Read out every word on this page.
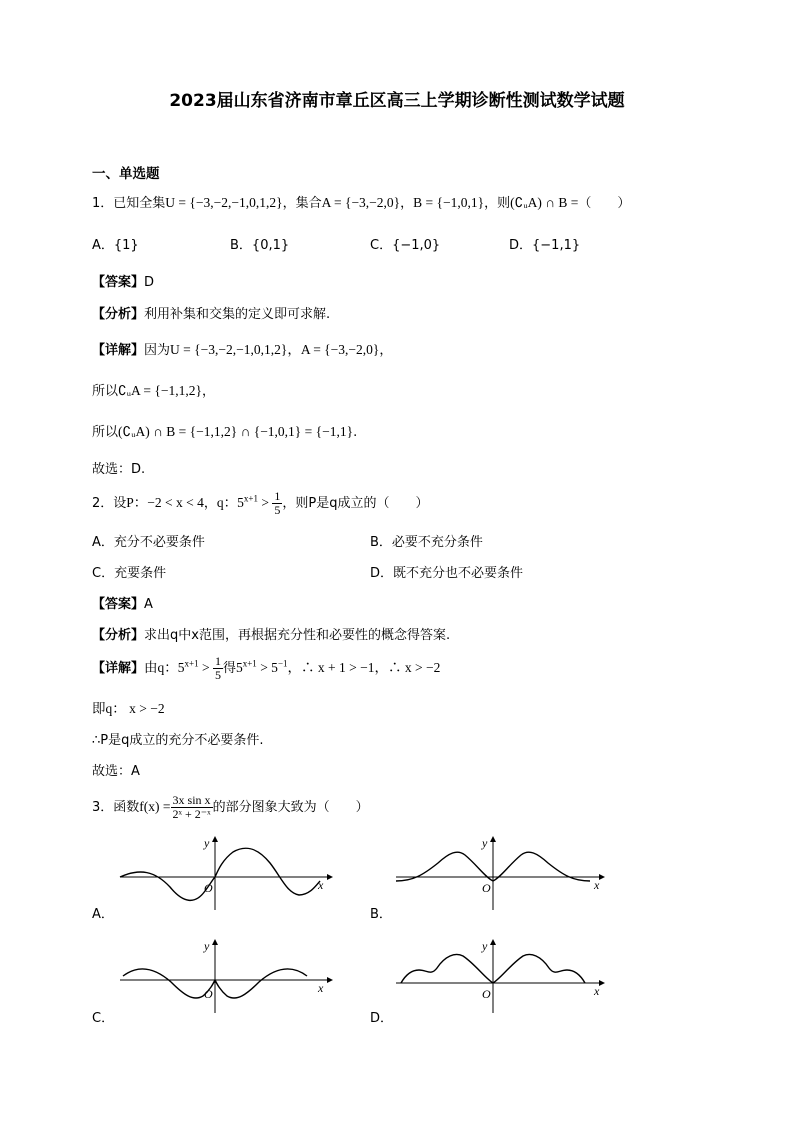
2023届山东省济南市章丘区高三上学期诊断性测试数学试题
一、单选题
1．已知全集U = {−3,−2,−1,0,1,2}，集合A = {−3,−2,0}，B = {−1,0,1}，则(∁ᵤA) ∩ B =（　　）
A．{1}	B．{0,1}	C．{−1,0}	D．{−1,1}
【答案】D
【分析】利用补集和交集的定义即可求解.
【详解】因为U = {−3,−2,−1,0,1,2}，A = {−3,−2,0}，
所以∁ᵤA = {−1,1,2}，
所以(∁ᵤA) ∩ B = {−1,1,2} ∩ {−1,0,1} = {−1,1}.
故选：D.
2．设P：−2 < x < 4，q：$5^{x+1} > \frac{1}{5}$ ，则P是q成立的（　　）
A．充分不必要条件	B．必要不充分条件
C．充要条件	D．既不充分也不必要条件
【答案】A
【分析】求出q中x范围，再根据充分性和必要性的概念得答案.
【详解】由q：$5^{x+1} > \frac{1}{5}$ 得$5^{x+1} > 5^{-1}$，∴ x + 1 > −1，∴ x > −2
即q： x > −2
∴P是q成立的充分不必要条件.
故选：A
3．函数$f(x) = \frac{\text{3x sin x}}{\text{2ˣ + 2⁻ˣ}}$ 的部分图象大致为（　　）
A．
x
y
O
B．
x
y
O
C．
x
y
O
D．
x
y
O
